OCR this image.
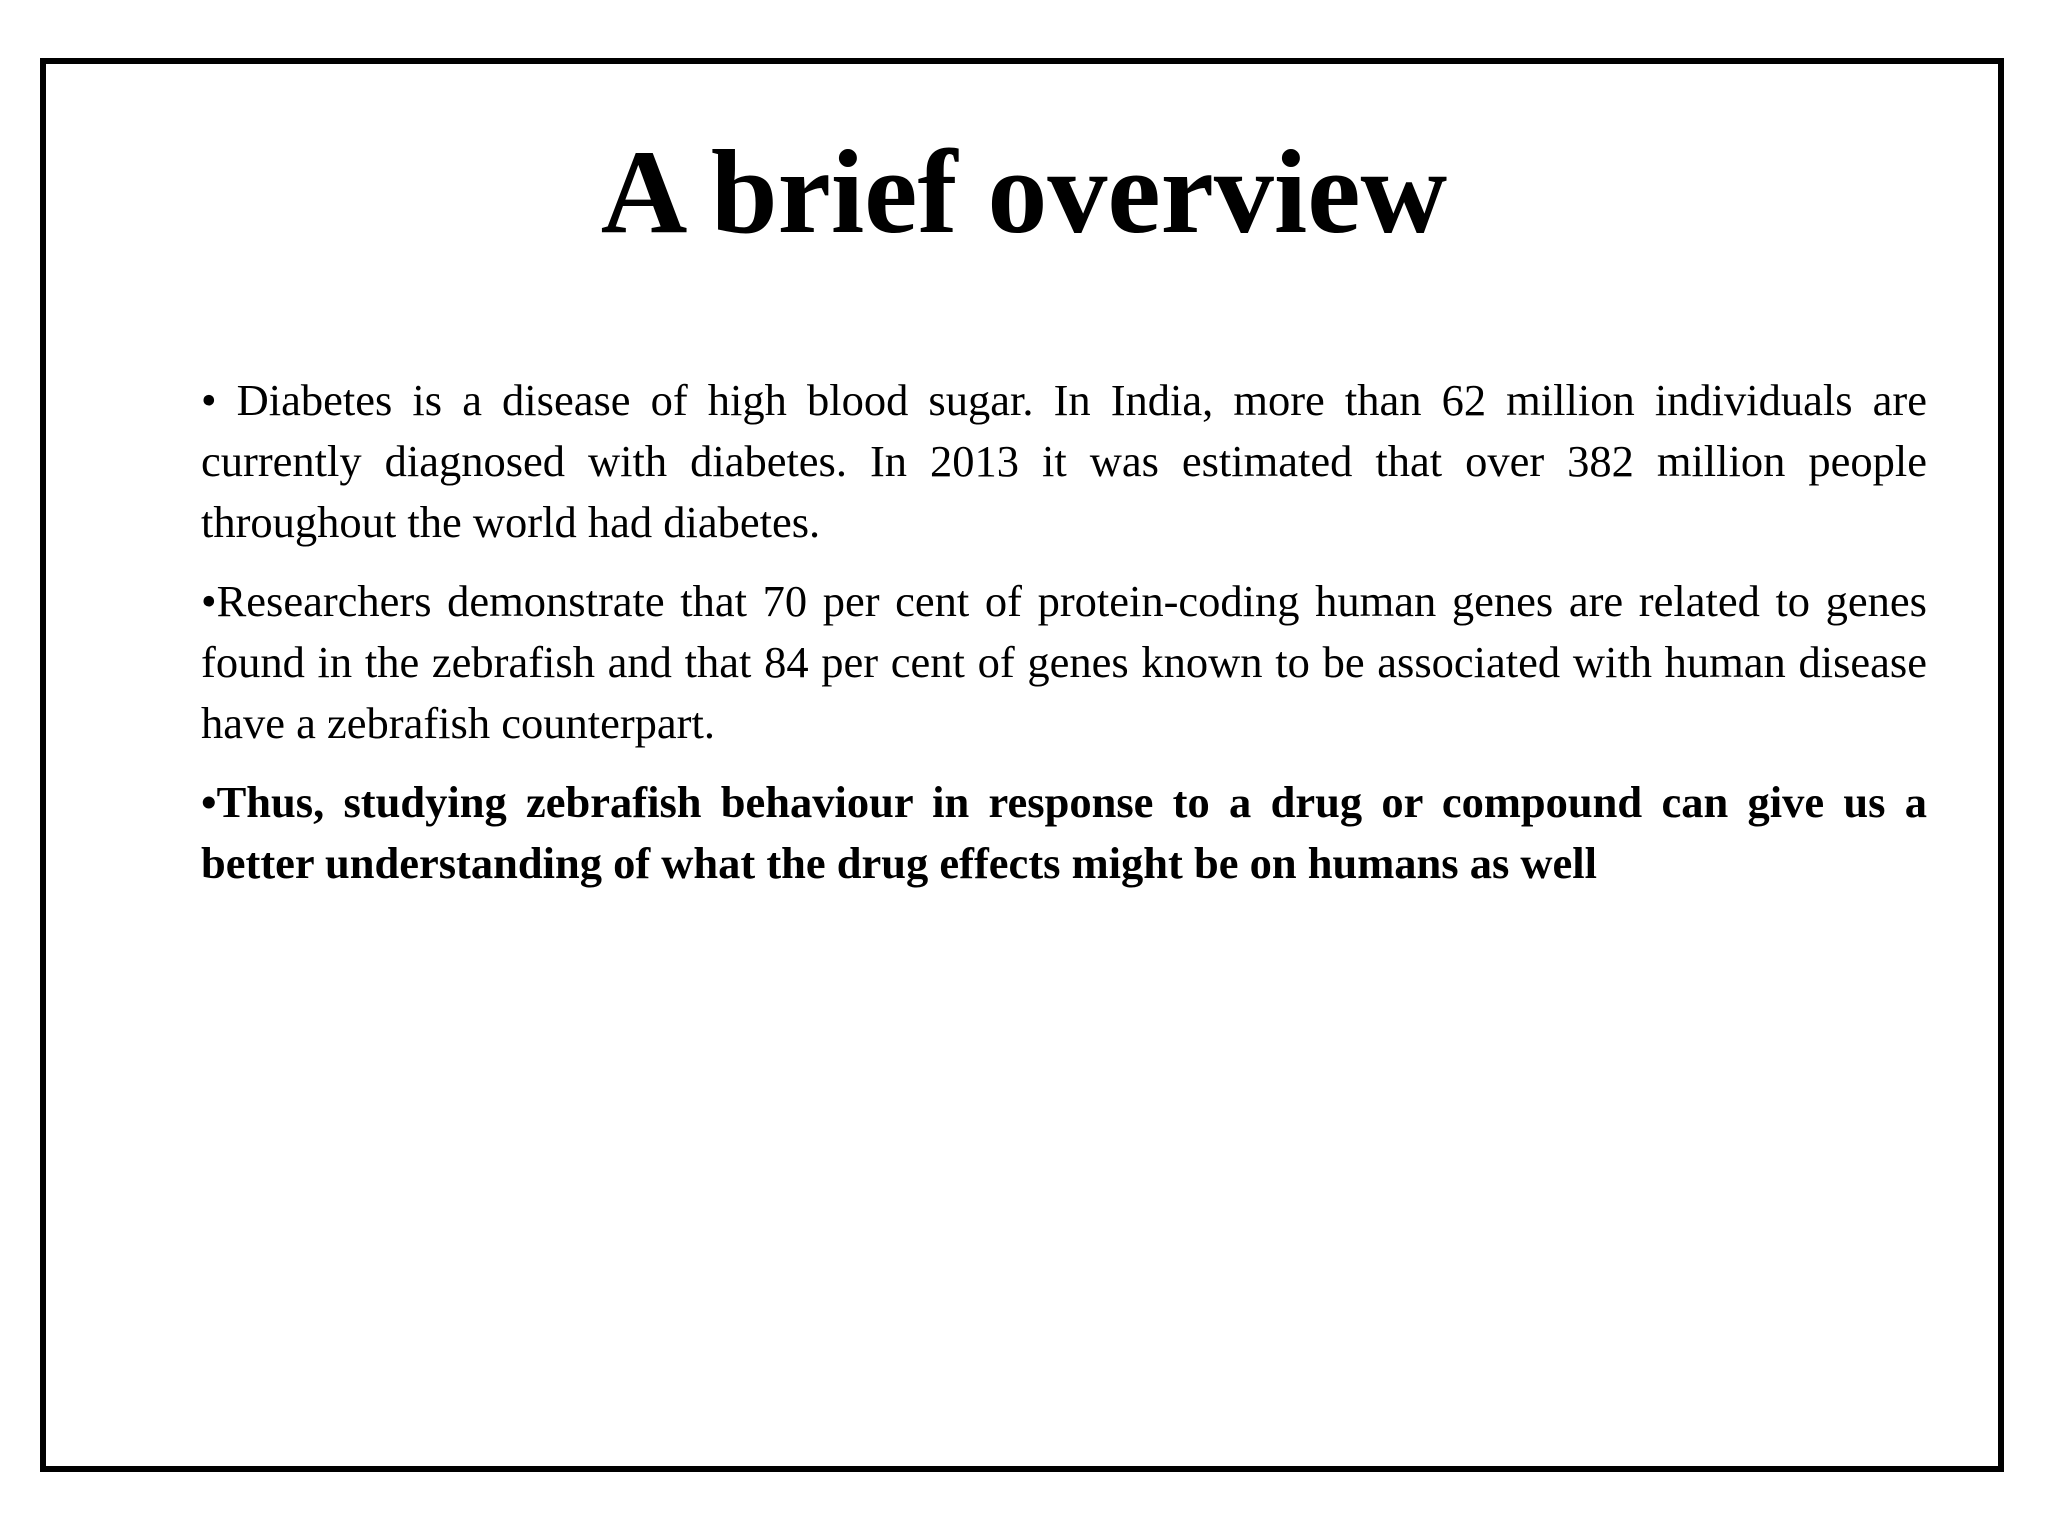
A brief overview

• Diabetes is a disease of high blood sugar. In India, more than 62 million individuals are currently diagnosed with diabetes. In 2013 it was estimated that over 382 million people throughout the world had diabetes.

•Researchers demonstrate that 70 per cent of protein-coding human genes are related to genes found in the zebrafish and that 84 per cent of genes known to be associated with human disease have a zebrafish counterpart.

•Thus, studying zebrafish behaviour in response to a drug or compound can give us a better understanding of what the drug effects might be on humans as well
